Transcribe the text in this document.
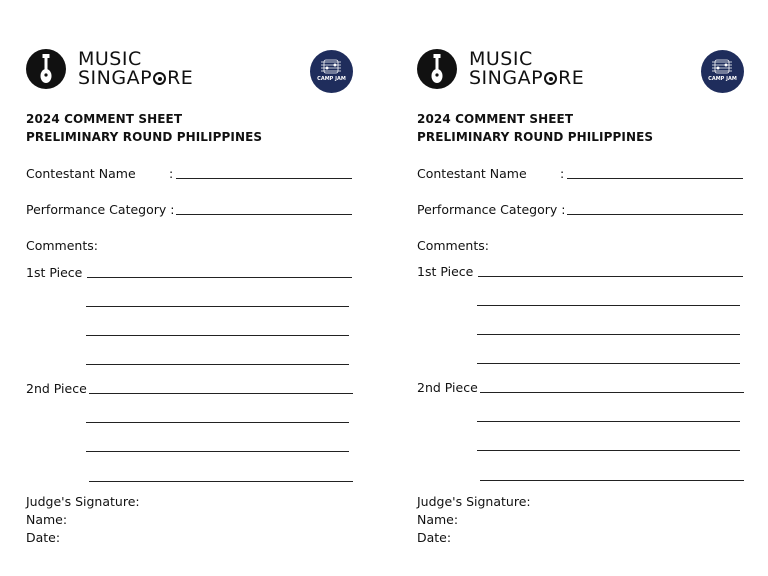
MUSIC
SINGAP RE	CAMP JAM
2024 COMMENT SHEET
PRELIMINARY ROUND PHILIPPINES
Contestant Name	:
Performance Category :
Comments:
1st Piece
2nd Piece
Judge's Signature:
Name:
Date:
MUSIC
SINGAP RE	CAMP JAM
2024 COMMENT SHEET
PRELIMINARY ROUND PHILIPPINES
Contestant Name	:
Performance Category :
Comments:
1st Piece
2nd Piece
Judge's Signature:
Name:
Date:
